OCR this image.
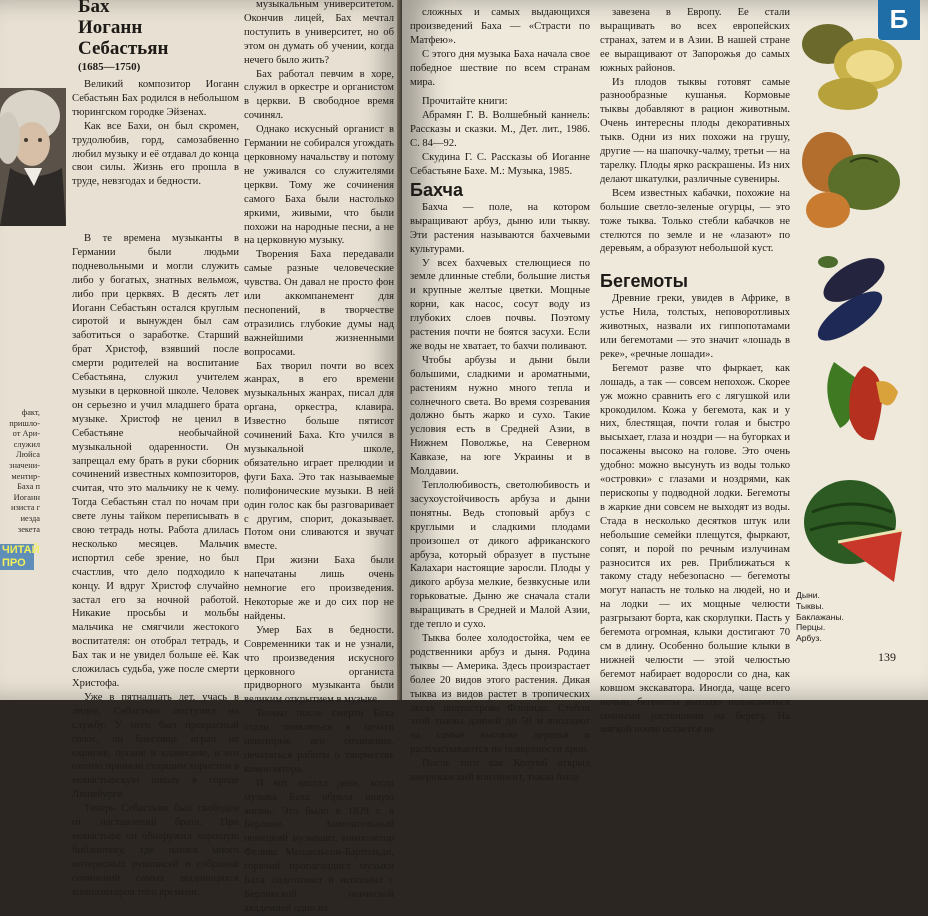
Бах
Иоганн
Себастьян
(1685—1750)

Великий композитор Иоганн Себастьян Бах родился в небольшом тюрингском городке Эйзенах.

Как все Бахи, он был скромен, трудолюбив, горд, самозабвенно любил музыку и её отдавал до конца свои силы. Жизнь его прошла в труде, невзгодах и бедности.

В те времена музыканты в Германии были людьми подневольными и могли служить либо у богатых, знатных вельмож, либо при церквях. В десять лет Иоганн Себастьян остался круглым сиротой и вынужден был сам заботиться о заработке. Старший брат Христоф, взявший после смерти родителей на воспитание Себастьяна, служил учителем музыки в церковной школе. Человек он серьезно и учил младшего брата музыке. Христоф не ценил в Себастьяне необычайной музыкальной одаренности. Он запрещал ему брать в руки сборник сочинений известных композиторов, считая, что это мальчику не к чему. Тогда Себастьян стал по ночам при свете луны тайком переписывать в свою тетрадь ноты. Работа длилась несколько месяцев. Мальчик испортил себе зрение, но был счастлив, что дело подходило к концу. И вдруг Христоф случайно застал его за ночной работой. Никакие просьбы и мольбы мальчика не смягчили жестокого воспитателя: он отобрал тетрадь, и Бах так и не увидел больше её. Как сложилась судьба, уже после смерти Христофа.

Уже в пятнадцать лет, учась в лицее, Себастьян поступил на службу. У него был прекрасный голос, он блестяще играл на скрипке, органе и клавесине, и его охотно приняли старшим хористом в монастырскую школу в городе Люнебурге.

Теперь Себастьян был свободен от наставлений брата. При монастыре он обнаружил хорошую библиотеку, где нашел много интересных рукописей и собраний сочинений самых выдающихся композиторов того времени.

факт, пришло- от Ари- служил Люйса значени- ментир- Баха п Иоганн изиста г иезда зекета
ЧИТАЙ ПРО

музыкальным университетом. Окончив лицей, Бах мечтал поступить в университет, но об этом он думать об учении, когда нечего было жить?

Бах работал певчим в хоре, служил в оркестре и органистом в церкви. В свободное время сочинял.

Однако искусный органист в Германии не собирался угождать церковному начальству и потому не уживался со служителями церкви. Тому же сочинения самого Баха были настолько яркими, живыми, что были похожи на народные песни, а не на церковную музыку.

Творения Баха передавали самые разные человеческие чувства. Он давал не просто фон или аккомпанемент для песнопений, в творчестве отразились глубокие думы над важнейшими жизненными вопросами.

Бах творил почти во всех жанрах, в его времени музыкальных жанрах, писал для органа, оркестра, клавира. Известно больше пятисот сочинений Баха. Кто учился в музыкальной школе, обязательно играет прелюдии и фуги Баха. Это так называемые полифонические музыки. В ней один голос как бы разговаривает с другим, спорит, доказывает. Потом они сливаются и звучат вместе.

При жизни Баха были напечатаны лишь очень немногие его произведения. Некоторые же и до сих пор не найдены.

Умер Бах в бедности. Современники так и не узнали, что произведения искусного церковного органиста придворного музыканта были великим открытием в музыке.

Только после смерти Баха стали появляться в печати некоторые его сочинения, печататься работы о творчестве композитора.

И вот настал день, когда музыка Баха обрела новую жизнь. Это было в 1829 г. в Берлине. Замечательный немецкий музыкант, композитор Феликс Мендельсон-Бартольди, горячий пропагандист музыки Баха подготовил и исполнил с Берлинской певческой академией одно из

сложных и самых выдающихся произведений Баха — «Страсти по Матфею».

С этого дня музыка Баха начала свое победное шествие по всем странам мира.

Прочитайте книги:

Абрамян Г. В. Волшебный каннель: Рассказы и сказки. М., Дет. лит., 1986. С. 84—92.

Скудина Г. С. Рассказы об Иоганне Себастьяне Бахе. М.: Музыка, 1985.

Бахча

Бахча — поле, на котором выращивают арбуз, дыню или тыкву. Эти растения называются бахчевыми культурами.

У всех бахчевых стелющиеся по земле длинные стебли, большие листья и крупные желтые цветки. Мощные корни, как насос, сосут воду из глубоких слоев почвы. Поэтому растения почти не боятся засухи. Если же воды не хватает, то бахчи поливают.

Чтобы арбузы и дыни были большими, сладкими и ароматными, растениям нужно много тепла и солнечного света. Во время созревания должно быть жарко и сухо. Такие условия есть в Средней Азии, в Нижнем Поволжье, на Северном Кавказе, на юге Украины и в Молдавии.

Теплолюбивость, светолюбивость и засухоустойчивость арбуза и дыни понятны. Ведь стоповый арбуз с круглыми и сладкими плодами произошел от дикого африканского арбуза, который образует в пустыне Калахари настоящие заросли. Плоды у дикого арбуза мелкие, безвкусные или горьковатые. Дыню же сначала стали выращивать в Средней и Малой Азии, где тепло и сухо.

Тыква более холодостойка, чем ее родственники арбуз и дыня. Родина тыквы — Америка. Здесь произрастает более 20 видов этого растения. Дикая тыква из видов растет в тропических лесах полуострова Флорида. Стебли этой тыквы длиной до 50 м вползают на самые высокие деревья и распластываются по поверхности крон.

После того как Колумб открыл американский континент, тыква была

завезена в Европу. Ее стали выращивать во всех европейских странах, затем и в Азии. В нашей стране ее выращивают от Запорожья до самых южных районов.

Из плодов тыквы готовят самые разнообразные кушанья. Кормовые тыквы добавляют в рацион животным. Очень интересны плоды декоративных тыкв. Одни из них похожи на грушу, другие — на шапочку-чалму, третьи — на тарелку. Плоды ярко раскрашены. Из них делают шкатулки, различные сувениры.

Всем известных кабачки, похожие на большие светло-зеленые огурцы, — это тоже тыква. Только стебли кабачков не стелются по земле и не «лазают» по деревьям, а образуют небольшой куст.

Бегемоты

Древние греки, увидев в Африке, в устье Нила, толстых, неповоротливых животных, назвали их гиппопотамами или бегемотами — это значит «лошадь в реке», «речные лошади».

Бегемот разве что фыркает, как лошадь, а так — совсем непохож. Скорее уж можно сравнить его с лягушкой или крокодилом. Кожа у бегемота, как и у них, блестящая, почти голая и быстро высыхает, глаза и ноздри — на бугорках и посажены высоко на голове. Это очень удобно: можно высунуть из воды только «островки» с глазами и ноздрями, как перископы у подводной лодки. Бегемоты в жаркие дни совсем не выходят из воды. Стада в несколько десятков штук или небольшие семейки плещутся, фыркают, сопят, и порой по речным излучинам разносится их рев. Приближаться к такому стаду небезопасно — бегемоты могут напасть не только на людей, но и на лодки — их мощные челюсти разгрызают борта, как скорлупки. Пасть у бегемота огромная, клыки достигают 70 см в длину. Особенно большие клыки в нижней челюсти — этой челюстью бегемот набирает водоросли со дна, как ковшом экскаватора. Иногда, чаще всего ночью, бегемоты выходят полакомиться сочными растениями на берегу. На мягкой почве остается не

Б
Дыни.
Тыквы.
Баклажаны.
Перцы.
Арбуз.
139
